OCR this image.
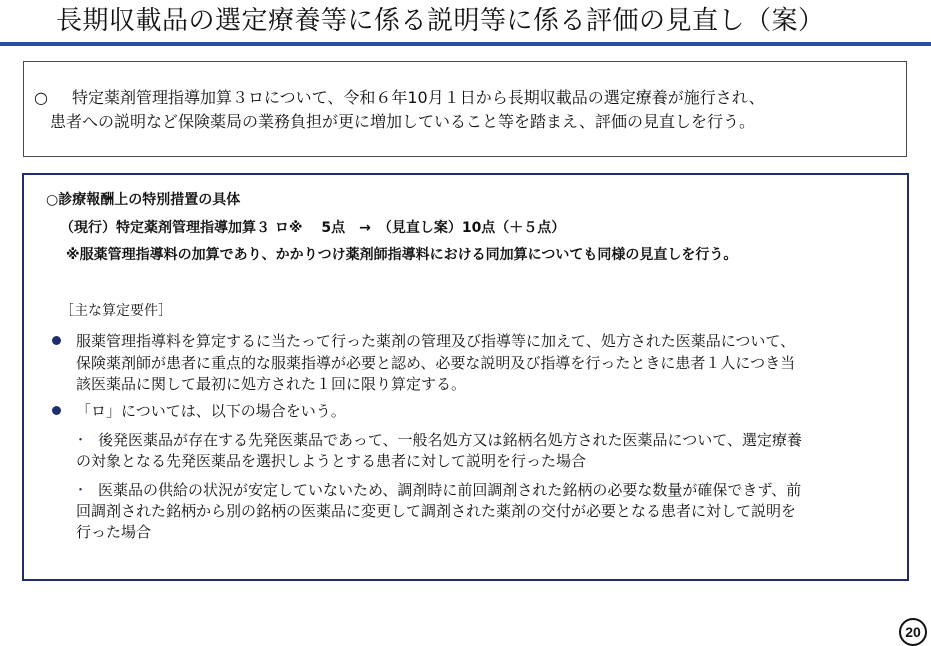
長期収載品の選定療養等に係る説明等に係る評価の見直し（案）
○ 特定薬剤管理指導加算３ロについて、令和６年10月１日から長期収載品の選定療養が施行され、
患者への説明など保険薬局の業務負担が更に増加していること等を踏まえ、評価の見直しを行う。
○診療報酬上の特別措置の具体
（現行）特定薬剤管理指導加算３ ロ※　 5点　→　（見直し案）10点（＋５点）
※服薬管理指導料の加算であり、かかりつけ薬剤師指導料における同加算についても同様の見直しを行う。
［主な算定要件］
服薬管理指導料を算定するに当たって行った薬剤の管理及び指導等に加えて、処方された医薬品について、
保険薬剤師が患者に重点的な服薬指導が必要と認め、必要な説明及び指導を行ったときに患者１人につき当
該医薬品に関して最初に処方された１回に限り算定する。
「ロ」については、以下の場合をいう。
・ 後発医薬品が存在する先発医薬品であって、一般名処方又は銘柄名処方された医薬品について、選定療養
の対象となる先発医薬品を選択しようとする患者に対して説明を行った場合
・ 医薬品の供給の状況が安定していないため、調剤時に前回調剤された銘柄の必要な数量が確保できず、前
回調剤された銘柄から別の銘柄の医薬品に変更して調剤された薬剤の交付が必要となる患者に対して説明を
行った場合
20
